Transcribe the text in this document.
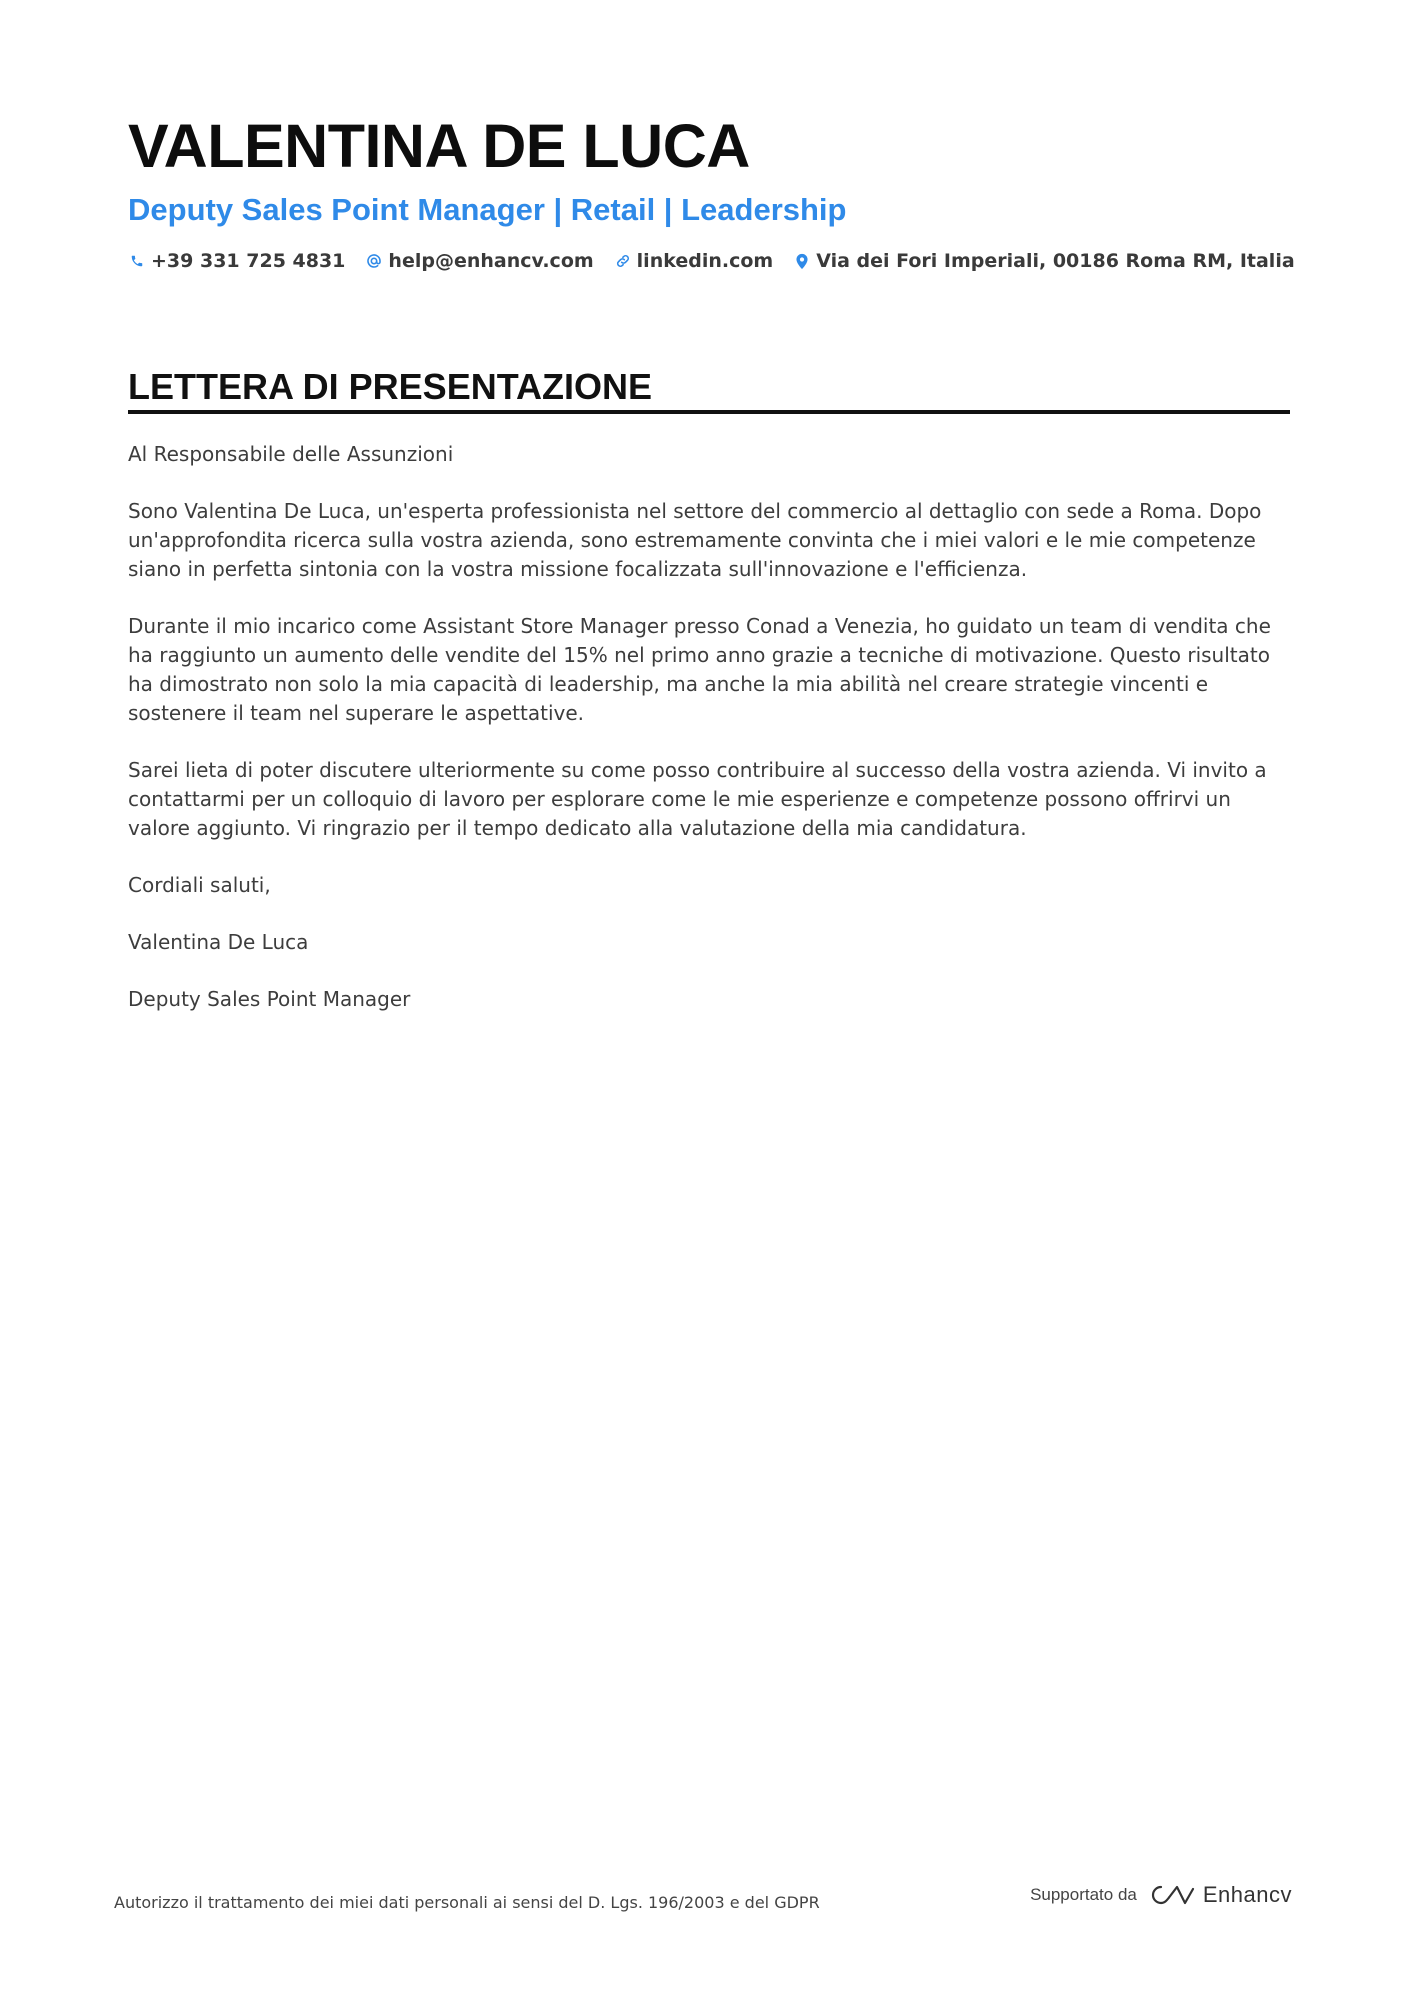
VALENTINA DE LUCA
Deputy Sales Point Manager | Retail | Leadership
+39 331 725 4831 help@enhancv.com linkedin.com Via dei Fori Imperiali, 00186 Roma RM, Italia
LETTERA DI PRESENTAZIONE

Al Responsabile delle Assunzioni

Sono Valentina De Luca, un'esperta professionista nel settore del commercio al dettaglio con sede a Roma. Dopo un'approfondita ricerca sulla vostra azienda, sono estremamente convinta che i miei valori e le mie competenze siano in perfetta sintonia con la vostra missione focalizzata sull'innovazione e l'efficienza.

Durante il mio incarico come Assistant Store Manager presso Conad a Venezia, ho guidato un team di vendita che ha raggiunto un aumento delle vendite del 15% nel primo anno grazie a tecniche di motivazione. Questo risultato ha dimostrato non solo la mia capacità di leadership, ma anche la mia abilità nel creare strategie vincenti e sostenere il team nel superare le aspettative.

Sarei lieta di poter discutere ulteriormente su come posso contribuire al successo della vostra azienda. Vi invito a contattarmi per un colloquio di lavoro per esplorare come le mie esperienze e competenze possono offrirvi un valore aggiunto. Vi ringrazio per il tempo dedicato alla valutazione della mia candidatura.

Cordiali saluti,

Valentina De Luca

Deputy Sales Point Manager

Autorizzo il trattamento dei miei dati personali ai sensi del D. Lgs. 196/2003 e del GDPR	Supportato da	Enhancv
